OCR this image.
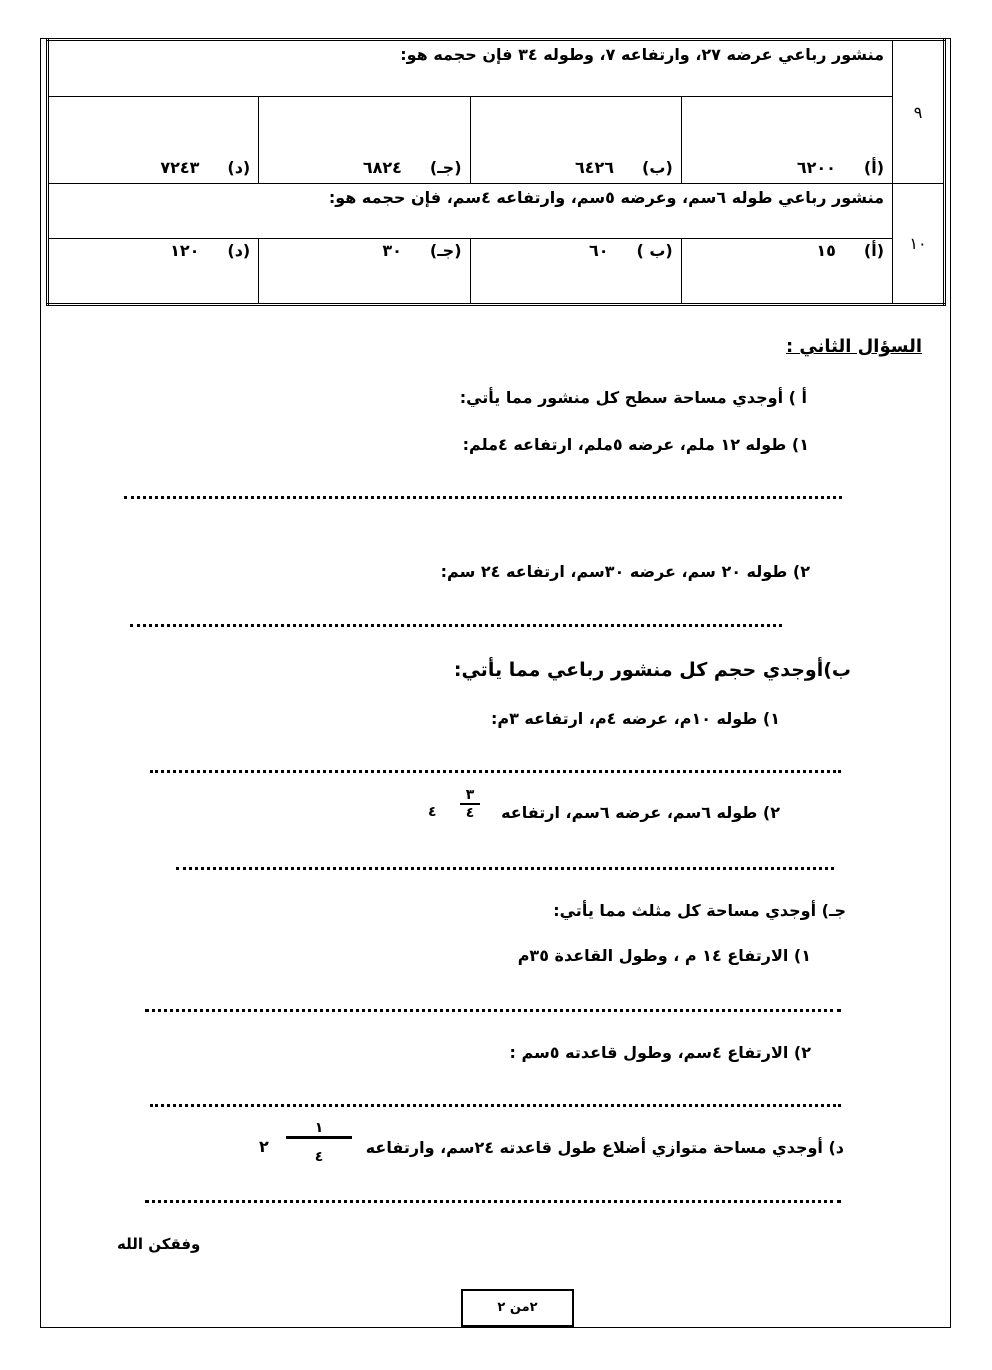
٩	منشور رباعي عرضه ٢٧، وارتفاعه ٧، وطوله ٣٤ فإن حجمه هو:			
	(أ)٦٢٠٠	(ب)٦٤٢٦	(جـ)٦٨٢٤	(د)٧٢٤٣
١٠	منشور رباعي طوله ٦سم، وعرضه ٥سم، وارتفاعه ٤سم، فإن حجمه هو:			
	(أ)١٥	(ب )٦٠	(جـ)٣٠	(د)١٢٠
السؤال الثاني :
أ ) أوجدي مساحة سطح كل منشور مما يأتي:
١) طوله ١٢ ملم، عرضه ٥ملم، ارتفاعه ٤ملم:
٢) طوله ٢٠ سم، عرضه ٣٠سم، ارتفاعه ٢٤ سم:
ب)أوجدي حجم كل منشور رباعي مما يأتي:
١) طوله ١٠م، عرضه ٤م، ارتفاعه ٣م:
٢) طوله ٦سم، عرضه ٦سم، ارتفاعه
٣
٤
٤
جـ) أوجدي مساحة كل مثلث مما يأتي:
١) الارتفاع ١٤ م ، وطول القاعدة ٣٥م
٢) الارتفاع ٤سم، وطول قاعدته ٥سم :
د) أوجدي مساحة متوازي أضلاع طول قاعدته ٢٤سم، وارتفاعه
١
٤
٢
وفقكن الله
٢من ٢
